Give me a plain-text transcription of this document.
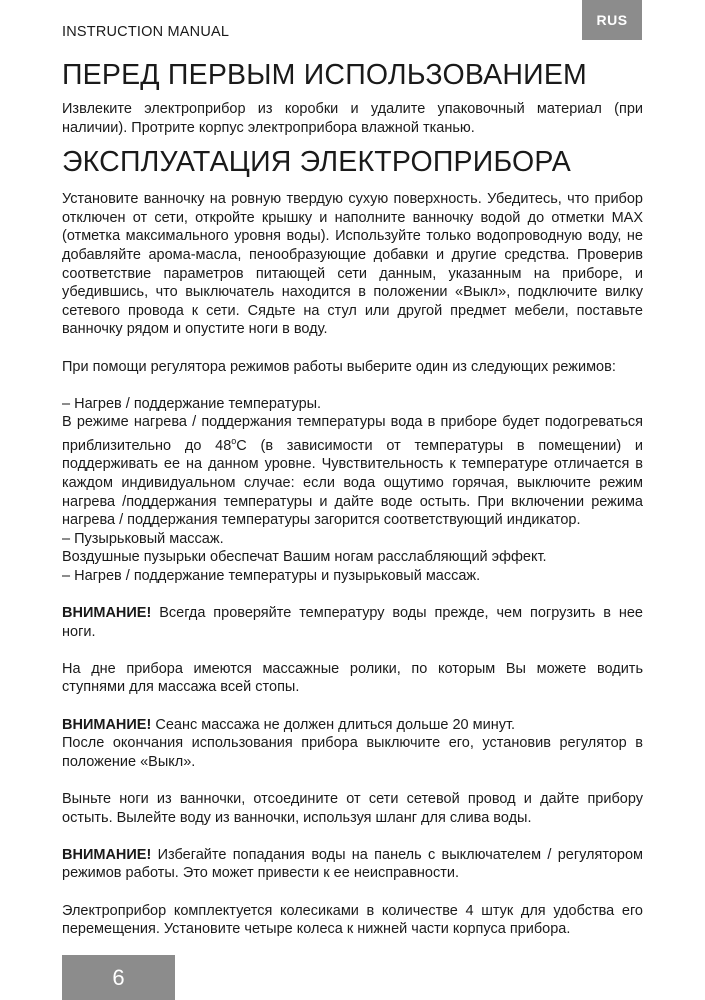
RUS
INSTRUCTION MANUAL
ПЕРЕД ПЕРВЫМ ИСПОЛЬЗОВАНИЕМ

Извлеките электроприбор из коробки и удалите упаковочный материал (при наличии). Протрите корпус электроприбора влажной тканью.

ЭКСПЛУАТАЦИЯ ЭЛЕКТРОПРИБОРА

Установите ванночку на ровную твердую сухую поверхность. Убедитесь, что прибор отключен от сети, откройте крышку и наполните ванночку водой до отметки MAX (отметка максимального уровня воды). Используйте только водопроводную воду, не добавляйте арома-масла, пенообразующие добавки и другие средства. Проверив соответствие параметров питающей сети данным, указанным на приборе, и убедившись, что выключатель находится в положении «Выкл», подключите вилку сетевого провода к сети. Сядьте на стул или другой предмет мебели, поставьте ванночку рядом и опустите ноги в воду.

При помощи регулятора режимов работы выберите один из следующих режимов:

– Нагрев / поддержание температуры.

В режиме нагрева / поддержания температуры вода в приборе будет подогреваться приблизительно до 48$^o$C (в зависимости от температуры в помещении) и поддерживать ее на данном уровне. Чувствительность к температуре отличается в каждом индивидуальном случае: если вода ощутимо горячая, выключите режим нагрева /поддержания температуры и дайте воде остыть. При включении режима нагрева / поддержания температуры загорится соответствующий индикатор.

– Пузырьковый массаж.

Воздушные пузырьки обеспечат Вашим ногам расслабляющий эффект.

– Нагрев / поддержание температуры и пузырьковый массаж.

ВНИМАНИЕ! Всегда проверяйте температуру воды прежде, чем погрузить в нее ноги.

На дне прибора имеются массажные ролики, по которым Вы можете водить ступнями для массажа всей стопы.

ВНИМАНИЕ! Сеанс массажа не должен длиться дольше 20 минут.

После окончания использования прибора выключите его, установив регулятор в положение «Выкл».

Выньте ноги из ванночки, отсоедините от сети сетевой провод и дайте прибору остыть. Вылейте воду из ванночки, используя шланг для слива воды.

ВНИМАНИЕ! Избегайте попадания воды на панель с выключателем / регулятором режимов работы. Это может привести к ее неисправности.

Электроприбор комплектуется колесиками в количестве 4 штук для удобства его перемещения. Установите четыре колеса к нижней части корпуса прибора.

6
